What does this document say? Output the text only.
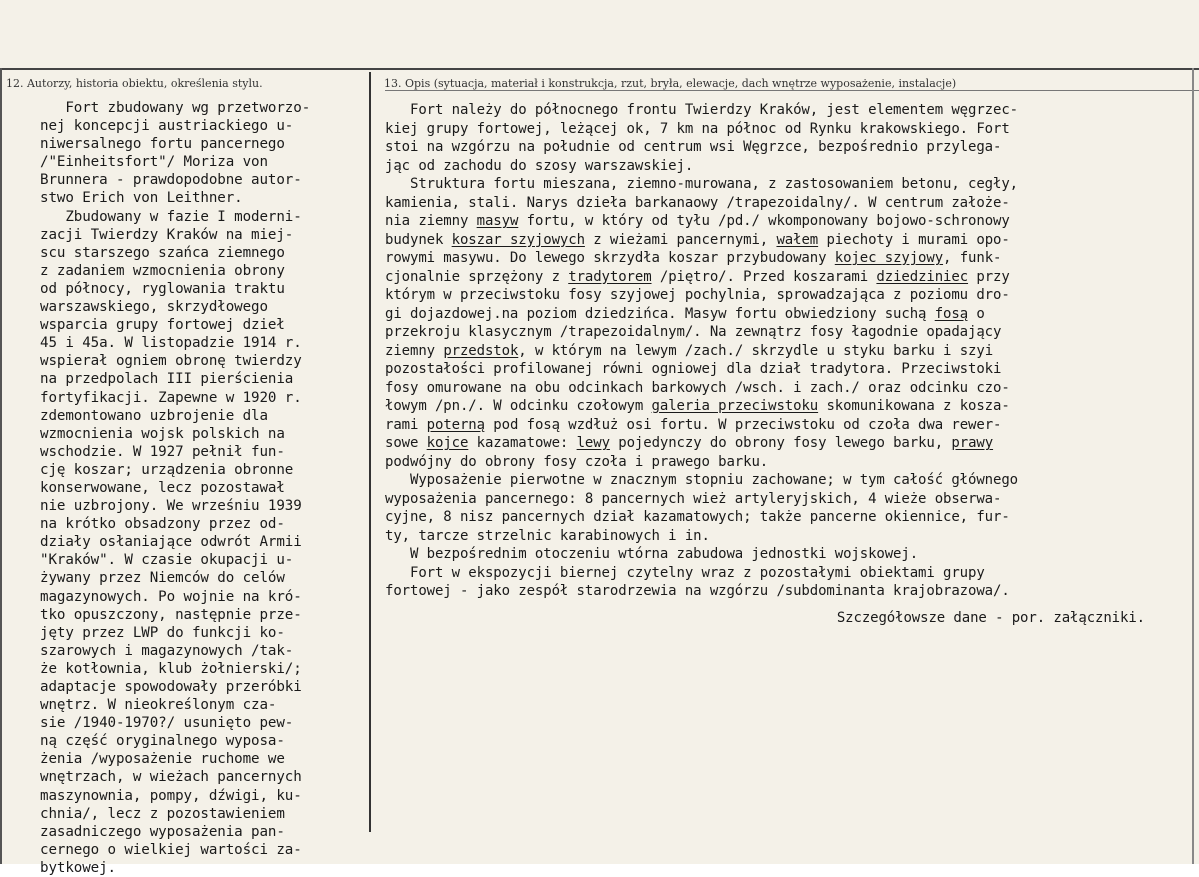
12. Autorzy, historia obiektu, określenia stylu.	13. Opis (sytuacja, materiał i konstrukcja, rzut, bryła, elewacje, dach wnętrze wyposażenie, instalacje)
Fort zbudowany wg przetworzo-
nej koncepcji austriackiego u-
niwersalnego fortu pancernego
/"Einheitsfort"/ Moriza von
Brunnera - prawdopodobne autor-
stwo Erich von Leithner.
Zbudowany w fazie I moderni-
zacji Twierdzy Kraków na miej-
scu starszego szańca ziemnego
z zadaniem wzmocnienia obrony
od północy, ryglowania traktu
warszawskiego, skrzydłowego
wsparcia grupy fortowej dzieł
45 i 45a. W listopadzie 1914 r.
wspierał ogniem obronę twierdzy
na przedpolach III pierścienia
fortyfikacji. Zapewne w 1920 r.
zdemontowano uzbrojenie dla
wzmocnienia wojsk polskich na
wschodzie. W 1927 pełnił fun-
cję koszar; urządzenia obronne
konserwowane, lecz pozostawał
nie uzbrojony. We wrześniu 1939
na krótko obsadzony przez od-
działy osłaniające odwrót Armii
"Kraków". W czasie okupacji u-
żywany przez Niemców do celów
magazynowych. Po wojnie na kró-
tko opuszczony, następnie prze-
jęty przez LWP do funkcji ko-
szarowych i magazynowych /tak-
że kotłownia, klub żołnierski/;
adaptacje spowodowały przeróbki
wnętrz. W nieokreślonym cza-
sie /1940-1970?/ usunięto pew-
ną część oryginalnego wyposa-
żenia /wyposażenie ruchome we
wnętrzach, w wieżach pancernych
maszynownia, pompy, dźwigi, ku-
chnia/, lecz z pozostawieniem
zasadniczego wyposażenia pan-
cernego o wielkiej wartości za-
bytkowej.
Fort należy do północnego frontu Twierdzy Kraków, jest elementem węgrzec-
kiej grupy fortowej, leżącej ok, 7 km na północ od Rynku krakowskiego. Fort
stoi na wzgórzu na południe od centrum wsi Węgrzce, bezpośrednio przylega-
jąc od zachodu do szosy warszawskiej.
Struktura fortu mieszana, ziemno-murowana, z zastosowaniem betonu, cegły,
kamienia, stali. Narys dzieła barkanaowy /trapezoidalny/. W centrum założe-
nia ziemny masyw fortu, w który od tyłu /pd./ wkomponowany bojowo-schronowy
budynek koszar szyjowych z wieżami pancernymi, wałem piechoty i murami opo-
rowymi masywu. Do lewego skrzydła koszar przybudowany kojec szyjowy, funk-
cjonalnie sprzężony z tradytorem /piętro/. Przed koszarami dziedziniec przy
którym w przeciwstoku fosy szyjowej pochylnia, sprowadzająca z poziomu dro-
gi dojazdowej.na poziom dziedzińca. Masyw fortu obwiedziony suchą fosą o
przekroju klasycznym /trapezoidalnym/. Na zewnątrz fosy łagodnie opadający
ziemny przedstok, w którym na lewym /zach./ skrzydle u styku barku i szyi
pozostałości profilowanej równi ogniowej dla dział tradytora. Przeciwstoki
fosy omurowane na obu odcinkach barkowych /wsch. i zach./ oraz odcinku czo-
łowym /pn./. W odcinku czołowym galeria przeciwstoku skomunikowana z kosza-
rami poterną pod fosą wzdłuż osi fortu. W przeciwstoku od czoła dwa rewer-
sowe kojce kazamatowe: lewy pojedynczy do obrony fosy lewego barku, prawy
podwójny do obrony fosy czoła i prawego barku.
Wyposażenie pierwotne w znacznym stopniu zachowane; w tym całość głównego
wyposażenia pancernego: 8 pancernych wież artyleryjskich, 4 wieże obserwa-
cyjne, 8 nisz pancernych dział kazamatowych; także pancerne okiennice, fur-
ty, tarcze strzelnic karabinowych i in.
W bezpośrednim otoczeniu wtórna zabudowa jednostki wojskowej.
Fort w ekspozycji biernej czytelny wraz z pozostałymi obiektami grupy
fortowej - jako zespół starodrzewia na wzgórzu /subdominanta krajobrazowa/.
Szczegółowsze dane - por. załączniki.
